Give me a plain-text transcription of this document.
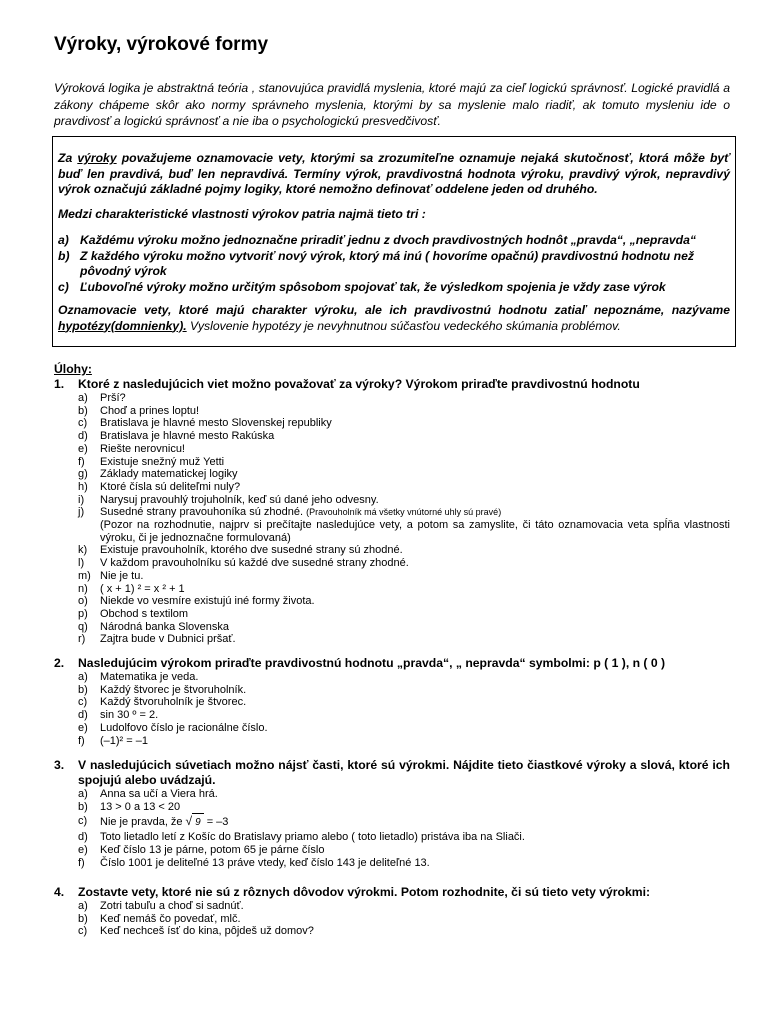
Výroky, výrokové formy

Výroková logika je abstraktná teória , stanovujúca pravidlá myslenia, ktoré majú za cieľ logickú správnosť. Logické pravidlá a zákony chápeme skôr ako normy správneho myslenia, ktorými by sa myslenie malo riadiť, ak tomuto mysleniu ide o pravdivosť a logickú správnosť a nie iba o psychologickú presvedčivosť.

Za výroky považujeme oznamovacie vety, ktorými sa zrozumiteľne oznamuje nejaká skutočnosť, ktorá môže byť buď len pravdivá, buď len nepravdivá. Termíny výrok, pravdivostná hodnota výroku, pravdivý výrok, nepravdivý výrok označujú základné pojmy logiky, ktoré nemožno definovať oddelene jeden od druhého.

Medzi charakteristické vlastnosti výrokov patria najmä tieto tri :

a) Každému výroku možno jednoznačne priradiť jednu z dvoch pravdivostných hodnôt „pravda“, „nepravda“
b) Z každého výroku možno vytvoriť nový výrok, ktorý má inú ( hovoríme opačnú) pravdivostnú hodnotu než pôvodný výrok
c) Ľubovoľné výroky možno určitým spôsobom spojovať tak, že výsledkom spojenia je vždy zase výrok

Oznamovacie vety, ktoré majú charakter výroku, ale ich pravdivostnú hodnotu zatiaľ nepoznáme, nazývame hypotézy(domnienky). Vyslovenie hypotézy je nevyhnutnou súčasťou vedeckého skúmania problémov.

Úlohy:
1.	Ktoré z nasledujúcich viet možno považovať za výroky? Výrokom priraďte pravdivostnú hodnotu
a)	Prší?
b)	Choď a prines loptu!
c)	Bratislava je hlavné mesto Slovenskej republiky
d)	Bratislava je hlavné mesto Rakúska
e)	Riešte nerovnicu!
f)	Existuje snežný muž Yetti
g)	Základy matematickej logiky
h)	Ktoré čísla sú deliteľmi nuly?
i)	Narysuj pravouhlý trojuholník, keď sú dané jeho odvesny.
j)	Susedné strany pravouhoníka sú zhodné. (Pravouholník má všetky vnútorné uhly sú pravé)
(Pozor na rozhodnutie, najprv si prečítajte nasledujúce vety, a potom sa zamyslite, či táto oznamovacia veta spĺňa vlastnosti výroku, či je jednoznačne formulovaná)
k)	Existuje pravouholník, ktorého dve susedné strany sú zhodné.
l)	V každom pravouholníku sú každé dve susedné strany zhodné.
m) Nie je tu.
n)	( x + 1) ² = x ² + 1
o)	Niekde vo vesmíre existujú iné formy života.
p)	Obchod s textilom
q)	Národná banka Slovenska
r)	Zajtra bude v Dubnici pršať.
2.	Nasledujúcim výrokom priraďte pravdivostnú hodnotu „pravda“, „ nepravda“ symbolmi: p ( 1 ), n ( 0 )
a)	Matematika je veda.
b)	Každý štvorec je štvoruholník.
c)	Každý štvoruholník je štvorec.
d)	sin 30 º = 2.
e)	Ludolfovo číslo je racionálne číslo.
f)	(–1)² = –1
3.	V nasledujúcich súvetiach možno nájsť časti, ktoré sú výrokmi. Nájdite tieto čiastkové výroky a slová, ktoré ich spojujú alebo uvádzajú.
a)	Anna sa učí a Viera hrá.
b)	13 > 0 a 13 < 20
c)	Nie je pravda, že √ 9 = –3
d)	Toto lietadlo letí z Košíc do Bratislavy priamo alebo ( toto lietadlo) pristáva iba na Sliači.
e)	Keď číslo 13 je párne, potom 65 je párne číslo
f)	Číslo 1001 je deliteľné 13 práve vtedy, keď číslo 143 je deliteľné 13.
4.	Zostavte vety, ktoré nie sú z rôznych dôvodov výrokmi. Potom rozhodnite, či sú tieto vety výrokmi:
a)	Zotri tabuľu a choď si sadnúť.
b)	Keď nemáš čo povedať, mlč.
c)	Keď nechceš ísť do kina, pôjdeš už domov?
